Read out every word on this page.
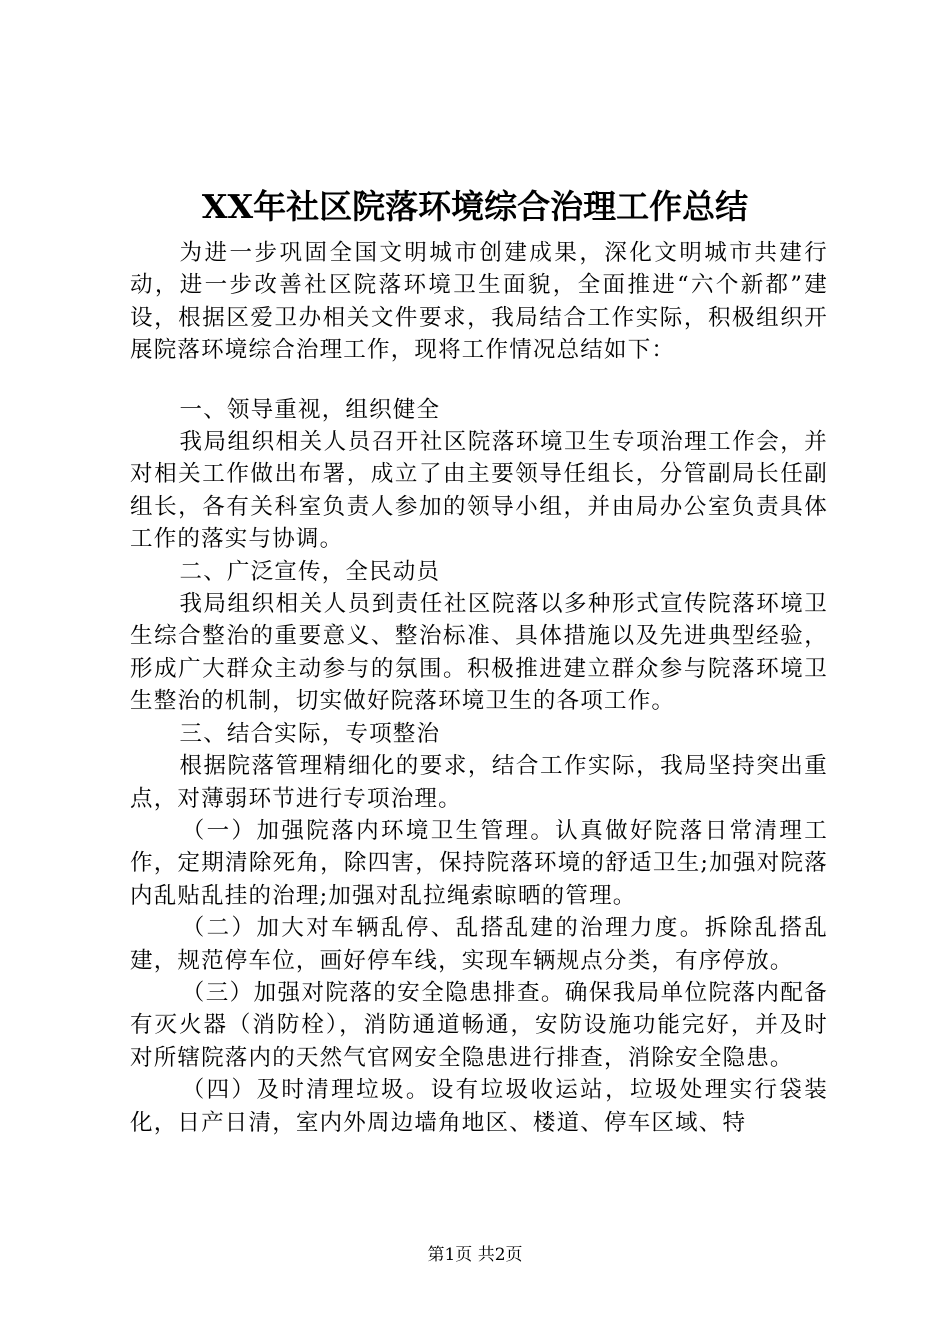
XX年社区院落环境综合治理工作总结

为进一步巩固全国文明城市创建成果，深化文明城市共建行动，进一步改善社区院落环境卫生面貌，全面推进“六个新都”建设，根据区爱卫办相关文件要求，我局结合工作实际，积极组织开展院落环境综合治理工作，现将工作情况总结如下：

一、领导重视，组织健全

我局组织相关人员召开社区院落环境卫生专项治理工作会，并对相关工作做出布署，成立了由主要领导任组长，分管副局长任副组长，各有关科室负责人参加的领导小组，并由局办公室负责具体工作的落实与协调。

二、广泛宣传，全民动员

我局组织相关人员到责任社区院落以多种形式宣传院落环境卫生综合整治的重要意义、整治标准、具体措施以及先进典型经验，形成广大群众主动参与的氛围。积极推进建立群众参与院落环境卫生整治的机制，切实做好院落环境卫生的各项工作。

三、结合实际，专项整治

根据院落管理精细化的要求，结合工作实际，我局坚持突出重点，对薄弱环节进行专项治理。

（一）加强院落内环境卫生管理。认真做好院落日常清理工作，定期清除死角，除四害，保持院落环境的舒适卫生;加强对院落内乱贴乱挂的治理;加强对乱拉绳索晾晒的管理。

（二）加大对车辆乱停、乱搭乱建的治理力度。拆除乱搭乱建，规范停车位，画好停车线，实现车辆规点分类，有序停放。

（三）加强对院落的安全隐患排查。确保我局单位院落内配备有灭火器（消防栓），消防通道畅通，安防设施功能完好，并及时对所辖院落内的天然气官网安全隐患进行排查，消除安全隐患。

（四）及时清理垃圾。设有垃圾收运站，垃圾处理实行袋装化，日产日清，室内外周边墙角地区、楼道、停车区域、特

第1页 共2页
